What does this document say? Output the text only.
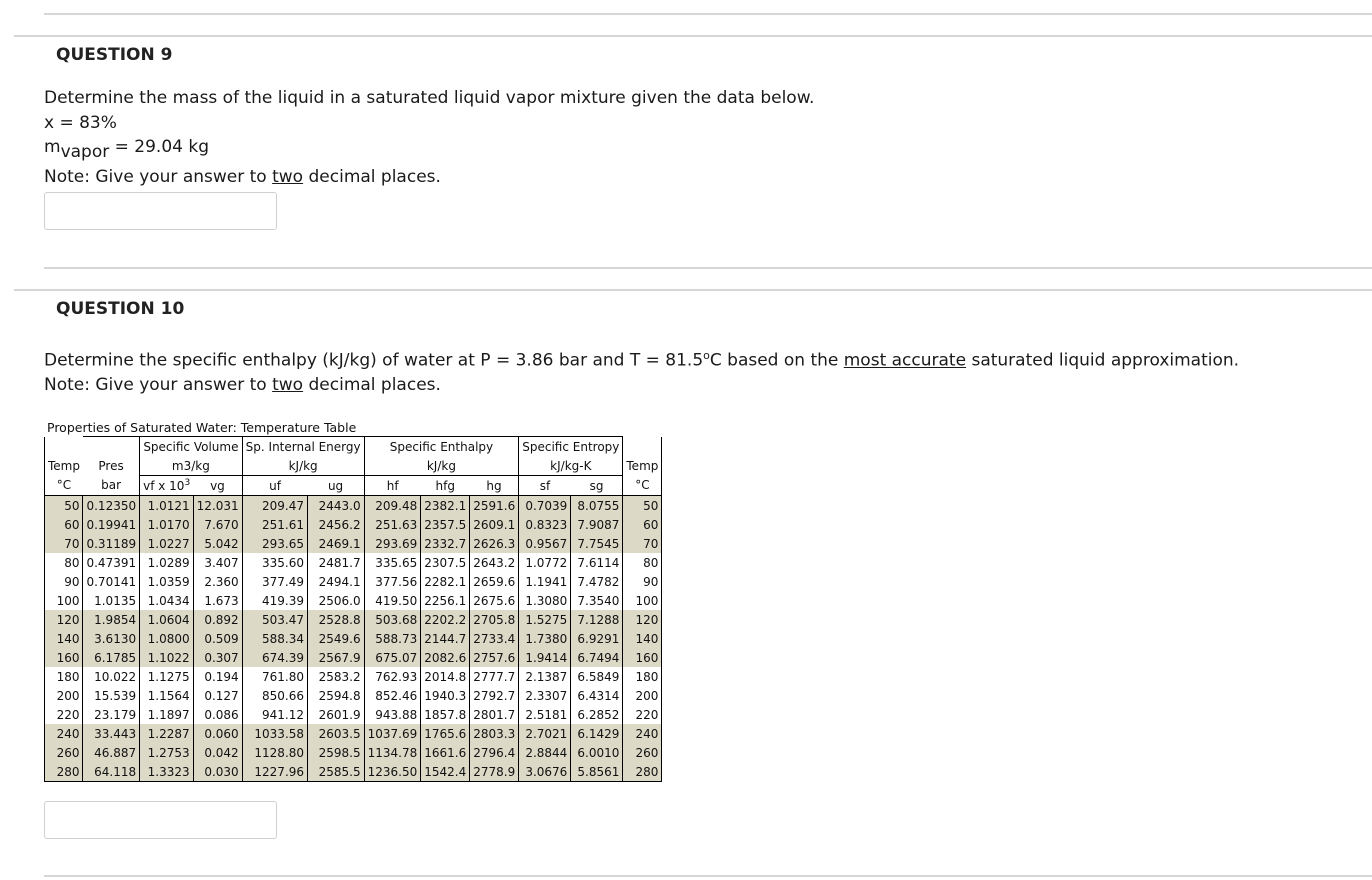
QUESTION 9
Determine the mass of the liquid in a saturated liquid vapor mixture given the data below.
x = 83%
mvapor = 29.04 kg
Note: Give your answer to two decimal places.
QUESTION 10
Determine the specific enthalpy (kJ/kg) of water at P = 3.86 bar and $T = 81.5^oC$ based on the most accurate saturated liquid approximation.
Note: Give your answer to two decimal places.
Properties of Saturated Water: Temperature Table
		Specific Volume		Sp. Internal Energy		Specific Enthalpy			Specific Entropy		
Temp	Pres	m3/kg		kJ/kg		kJ/kg			kJ/kg-K		Temp
°C	bar	vf x $10^3$	vg	uf	ug	hf	hfg	hg	sf	sg	°C
50	0.12350	1.0121	12.031	209.47	2443.0	209.48	2382.1	2591.6	0.7039	8.0755	50
60	0.19941	1.0170	7.670	251.61	2456.2	251.63	2357.5	2609.1	0.8323	7.9087	60
70	0.31189	1.0227	5.042	293.65	2469.1	293.69	2332.7	2626.3	0.9567	7.7545	70
80	0.47391	1.0289	3.407	335.60	2481.7	335.65	2307.5	2643.2	1.0772	7.6114	80
90	0.70141	1.0359	2.360	377.49	2494.1	377.56	2282.1	2659.6	1.1941	7.4782	90
100	1.0135	1.0434	1.673	419.39	2506.0	419.50	2256.1	2675.6	1.3080	7.3540	100
120	1.9854	1.0604	0.892	503.47	2528.8	503.68	2202.2	2705.8	1.5275	7.1288	120
140	3.6130	1.0800	0.509	588.34	2549.6	588.73	2144.7	2733.4	1.7380	6.9291	140
160	6.1785	1.1022	0.307	674.39	2567.9	675.07	2082.6	2757.6	1.9414	6.7494	160
180	10.022	1.1275	0.194	761.80	2583.2	762.93	2014.8	2777.7	2.1387	6.5849	180
200	15.539	1.1564	0.127	850.66	2594.8	852.46	1940.3	2792.7	2.3307	6.4314	200
220	23.179	1.1897	0.086	941.12	2601.9	943.88	1857.8	2801.7	2.5181	6.2852	220
240	33.443	1.2287	0.060	1033.58	2603.5	1037.69	1765.6	2803.3	2.7021	6.1429	240
260	46.887	1.2753	0.042	1128.80	2598.5	1134.78	1661.6	2796.4	2.8844	6.0010	260
280	64.118	1.3323	0.030	1227.96	2585.5	1236.50	1542.4	2778.9	3.0676	5.8561	280
